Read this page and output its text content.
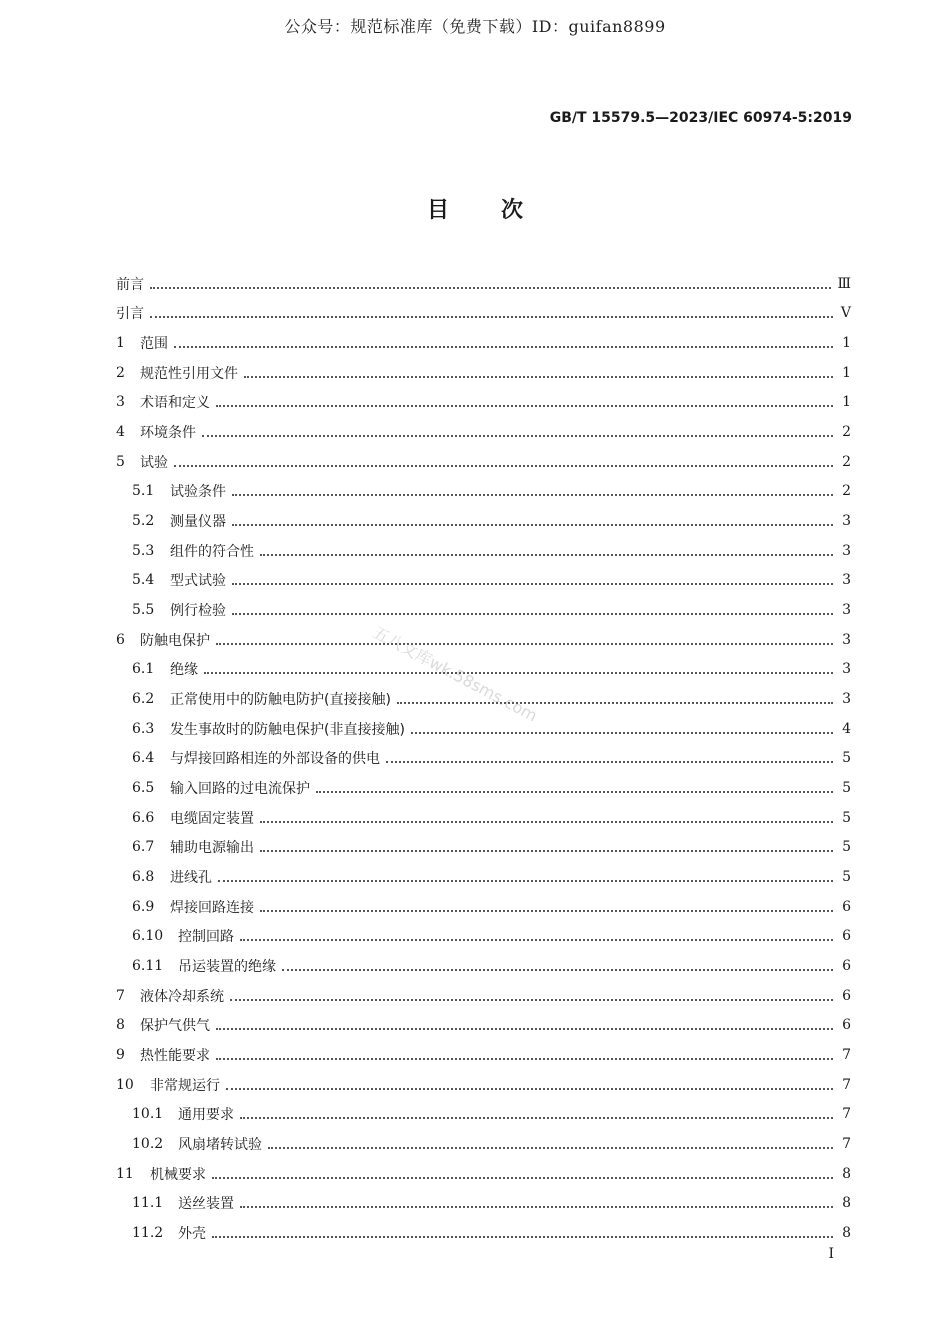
公众号：规范标准库（免费下载）ID：guifan8899
GB/T 15579.5—2023/IEC 60974-5:2019
目次
前言	Ⅲ
引言	Ⅴ
1	范围	1
2	规范性引用文件	1
3	术语和定义	1
4	环境条件	2
5	试验	2
5.1	试验条件	2
5.2	测量仪器	3
5.3	组件的符合性	3
5.4	型式试验	3
5.5	例行检验	3
6	防触电保护	3
6.1	绝缘	3
6.2	正常使用中的防触电防护(直接接触)	3
6.3	发生事故时的防触电保护(非直接接触)	4
6.4	与焊接回路相连的外部设备的供电	5
6.5	输入回路的过电流保护	5
6.6	电缆固定装置	5
6.7	辅助电源输出	5
6.8	进线孔	5
6.9	焊接回路连接	6
6.10	控制回路	6
6.11	吊运装置的绝缘	6
7	液体冷却系统	6
8	保护气供气	6
9	热性能要求	7
10	非常规运行	7
10.1	通用要求	7
10.2	风扇堵转试验	7
11	机械要求	8
11.1	送丝装置	8
11.2	外壳	8
五八文库wk.58sms.com
Ⅰ
